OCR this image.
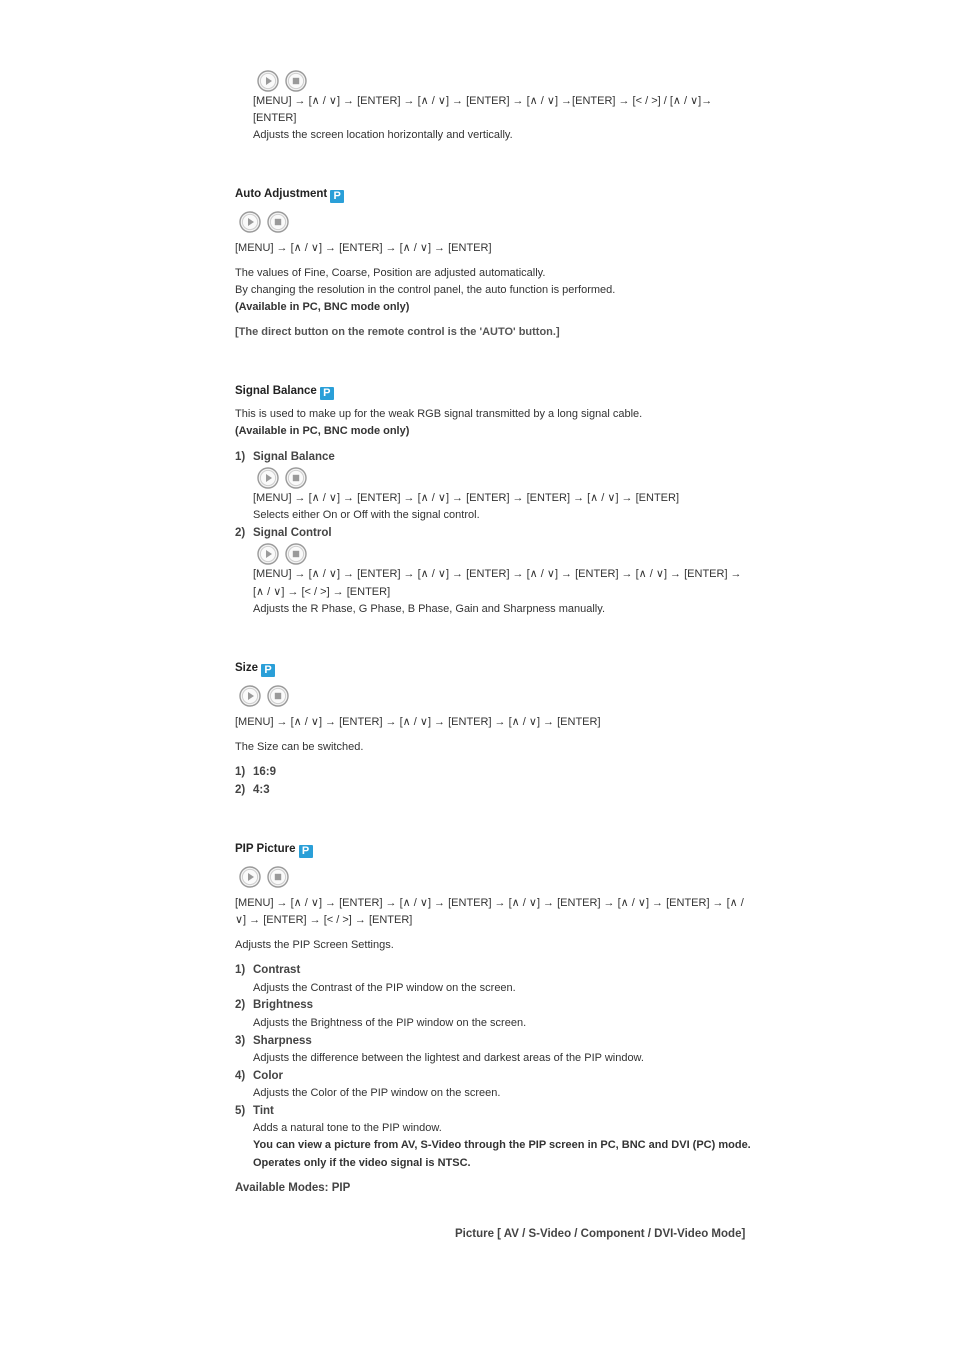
[MENU] → [∧ / ∨] → [ENTER] → [∧ / ∨] → [ENTER] → [∧ / ∨] →[ENTER] → [< / >] / [∧ / ∨]→
[ENTER]
Adjusts the screen location horizontally and vertically.
Auto Adjustment P
[MENU] → [∧ / ∨] → [ENTER] → [∧ / ∨] → [ENTER]
The values of Fine, Coarse, Position are adjusted automatically.
By changing the resolution in the control panel, the auto function is performed.
(Available in PC, BNC mode only)
[The direct button on the remote control is the 'AUTO' button.]
Signal Balance P
This is used to make up for the weak RGB signal transmitted by a long signal cable.
(Available in PC, BNC mode only)
1) Signal Balance
[MENU] → [∧ / ∨] → [ENTER] → [∧ / ∨] → [ENTER] → [ENTER] → [∧ / ∨] → [ENTER]
Selects either On or Off with the signal control.
2) Signal Control
[MENU] → [∧ / ∨] → [ENTER] → [∧ / ∨] → [ENTER] → [∧ / ∨] → [ENTER] → [∧ / ∨] → [ENTER] →
[∧ / ∨] → [< / >] → [ENTER]
Adjusts the R Phase, G Phase, B Phase, Gain and Sharpness manually.
Size P
[MENU] → [∧ / ∨] → [ENTER] → [∧ / ∨] → [ENTER] → [∧ / ∨] → [ENTER]
The Size can be switched.
1) 16:9
2) 4:3
PIP Picture P
[MENU] → [∧ / ∨] → [ENTER] → [∧ / ∨] → [ENTER] → [∧ / ∨] → [ENTER] → [∧ / ∨] → [ENTER] → [∧ /
∨] → [ENTER] → [< / >] → [ENTER]
Adjusts the PIP Screen Settings.
1) Contrast
Adjusts the Contrast of the PIP window on the screen.
2) Brightness
Adjusts the Brightness of the PIP window on the screen.
3) Sharpness
Adjusts the difference between the lightest and darkest areas of the PIP window.
4) Color
Adjusts the Color of the PIP window on the screen.
5) Tint
Adds a natural tone to the PIP window.
You can view a picture from AV, S-Video through the PIP screen in PC, BNC and DVI (PC) mode.
Operates only if the video signal is NTSC.
Available Modes: PIP
Picture [ AV / S-Video / Component / DVI-Video Mode]
